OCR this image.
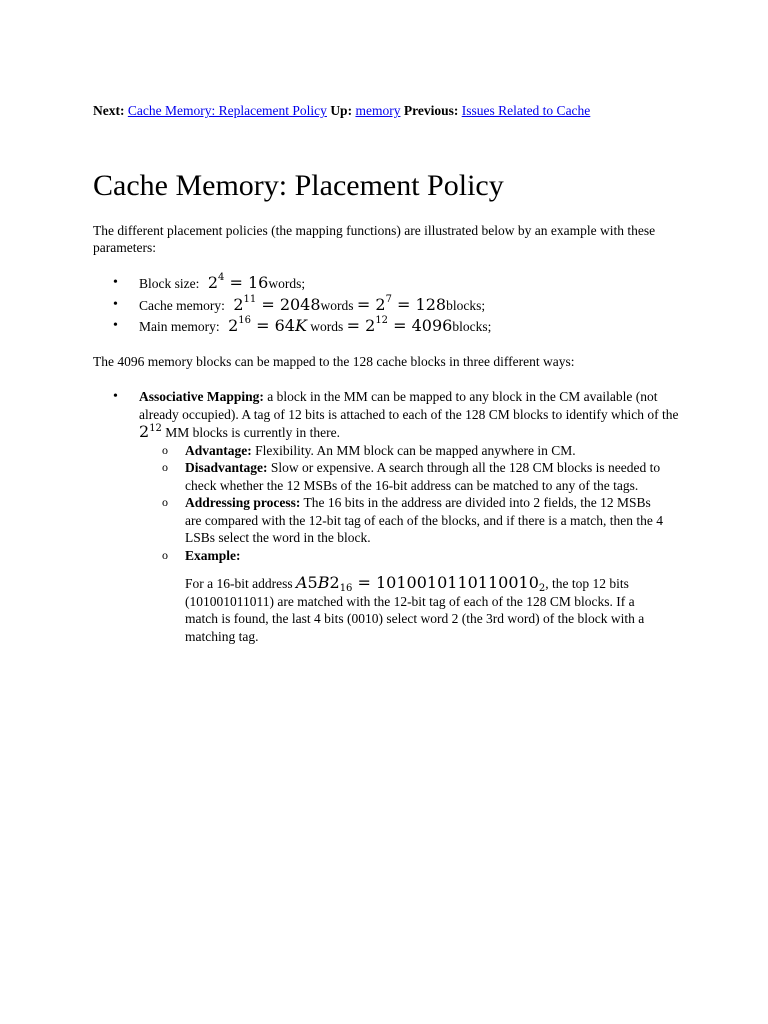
Next: Cache Memory: Replacement Policy Up: memory Previous: Issues Related to Cache
Cache Memory: Placement Policy
The different placement policies (the mapping functions) are illustrated below by an example with these parameters:
• Block size:  $2^4$ = 16words;
• Cache memory:  $2^{11}$ = 2048words = $2^7$ = 128blocks;
• Main memory:  $2^{16} = 64K$ words = $2^{12}$ = 4096blocks;
The 4096 memory blocks can be mapped to the 128 cache blocks in three different ways:
• Associative Mapping: a block in the MM can be mapped to any block in the CM available (not already occupied). A tag of 12 bits is attached to each of the 128 CM blocks to identify which of the $2^{12}$ MM blocks is currently in there.
o Advantage: Flexibility. An MM block can be mapped anywhere in CM.
o Disadvantage: Slow or expensive. A search through all the 128 CM blocks is needed to check whether the 12 MSBs of the 16-bit address can be matched to any of the tags.
o Addressing process: The 16 bits in the address are divided into 2 fields, the 12 MSBs are compared with the 12-bit tag of each of the blocks, and if there is a match, then the 4 LSBs select the word in the block.
o Example:
For a 16-bit address $A5B2_{16} = 1010010110110010_2$, the top 12 bits (101001011011) are matched with the 12-bit tag of each of the 128 CM blocks. If a match is found, the last 4 bits (0010) select word 2 (the 3rd word) of the block with a matching tag.
